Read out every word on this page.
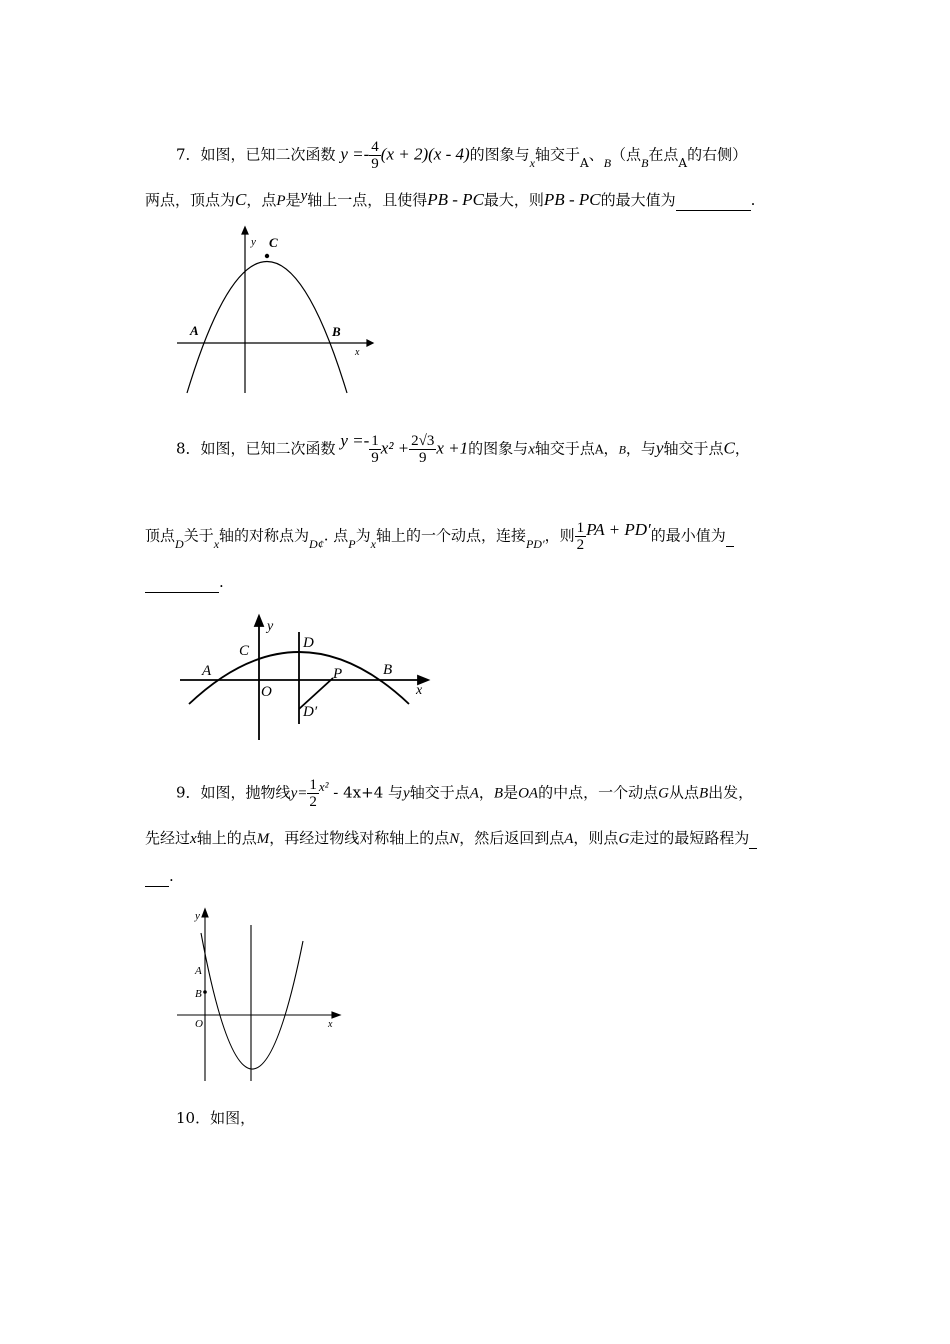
7．如图，已知二次函数 $y =- \frac{4}{9} (x + 2)(x - 4)$的图象与$_x$轴交于$_A$、$_B$（点$_B$在点$_A$的右侧）
两点，顶点为C，点P是y轴上一点，且使得PB - PC最大，则PB - PC的最大值为	.
y C
A	B
x
8．如图，已知二次函数 $y =- \frac{1}{9} x^2 + \frac{2√3}{9}$ x +1的图象与x轴交于点A，B，与y轴交于点C，
顶点$_D$关于$_x$轴的对称点为$_{D¢}$. 点$_P$为$_x$轴上的一个动点，连接$_{PD'}$，则 $\frac{1}{2}$ PA + PD′的最小值为
.
y
C	D
A
O
P	B
x
D′
9．如图，抛物线$y= \frac{1}{2} x^2 - 4x+4$ 与y轴交于点A，B是OA的中点，一个动点G从点B出发，
先经过x轴上的点M，再经过物线对称轴上的点N，然后返回到点A，则点G走过的最短路程为
.
y
A
B
O	x
10．如图，
